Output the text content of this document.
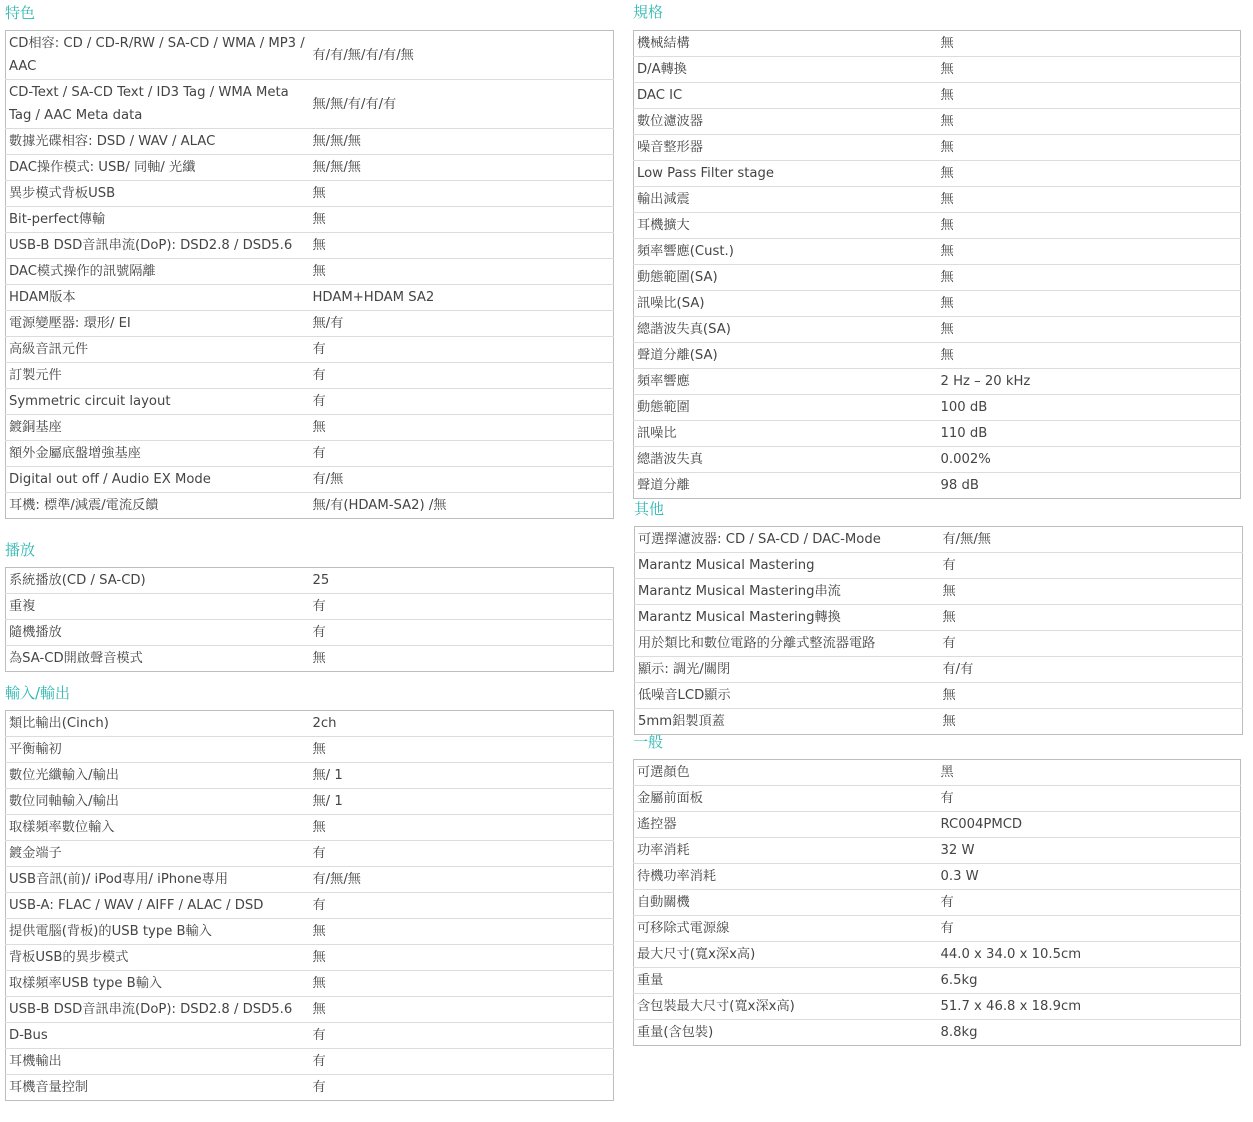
特色
CD相容: CD / CD-R/RW / SA-CD / WMA / MP3 / AAC	有/有/無/有/有/無
CD-Text / SA-CD Text / ID3 Tag / WMA Meta Tag / AAC Meta data	無/無/有/有/有
數據光碟相容: DSD / WAV / ALAC	無/無/無
DAC操作模式: USB/ 同軸/ 光纖	無/無/無
異步模式背板USB	無
Bit-perfect傳輸	無
USB-B DSD音訊串流(DoP): DSD2.8 / DSD5.6	無
DAC模式操作的訊號隔離	無
HDAM版本	HDAM+HDAM SA2
電源變壓器: 環形/ EI	無/有
高級音訊元件	有
訂製元件	有
Symmetric circuit layout	有
鍍銅基座	無
額外金屬底盤增強基座	有
Digital out off / Audio EX Mode	有/無
耳機: 標準/減震/電流反饋	無/有(HDAM-SA2) /無
播放
系統播放(CD / SA-CD)	25
重複	有
隨機播放	有
為SA-CD開啟聲音模式	無
輸入/輸出
類比輸出(Cinch)	2ch
平衡輸初	無
數位光纖輸入/輸出	無/ 1
數位同軸輸入/輸出	無/ 1
取樣頻率數位輸入	無
鍍金端子	有
USB音訊(前)/ iPod專用/ iPhone專用	有/無/無
USB-A: FLAC / WAV / AIFF / ALAC / DSD	有
提供電腦(背板)的USB type B輸入	無
背板USB的異步模式	無
取樣頻率USB type B輸入	無
USB-B DSD音訊串流(DoP): DSD2.8 / DSD5.6	無
D-Bus	有
耳機輸出	有
耳機音量控制	有
規格
機械結構	無
D/A轉換	無
DAC IC	無
數位濾波器	無
噪音整形器	無
Low Pass Filter stage	無
輸出減震	無
耳機擴大	無
頻率響應(Cust.)	無
動態範圍(SA)	無
訊噪比(SA)	無
總諧波失真(SA)	無
聲道分離(SA)	無
頻率響應	2 Hz – 20 kHz
動態範圍	100 dB
訊噪比	110 dB
總諧波失真	0.002%
聲道分離	98 dB
其他
可選擇濾波器: CD / SA-CD / DAC-Mode	有/無/無
Marantz Musical Mastering	有
Marantz Musical Mastering串流	無
Marantz Musical Mastering轉換	無
用於類比和數位電路的分離式整流器電路	有
顯示: 調光/關閉	有/有
低噪音LCD顯示	無
5mm鋁製頂蓋	無
一般
可選顏色	黑
金屬前面板	有
遙控器	RC004PMCD
功率消耗	32 W
待機功率消耗	0.3 W
自動關機	有
可移除式電源線	有
最大尺寸(寬x深x高)	44.0 x 34.0 x 10.5cm
重量	6.5kg
含包裝最大尺寸(寬x深x高)	51.7 x 46.8 x 18.9cm
重量(含包裝)	8.8kg
